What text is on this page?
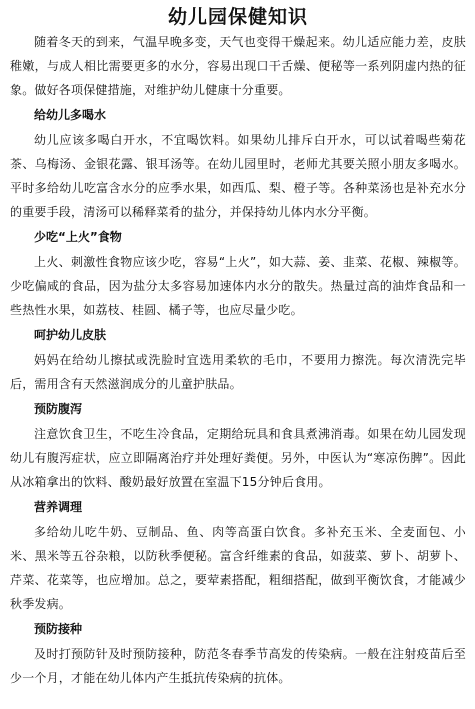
幼儿园保健知识

随着冬天的到来，气温早晚多变，天气也变得干燥起来。幼儿适应能力差，皮肤稚嫩，与成人相比需要更多的水分，容易出现口干舌燥、便秘等一系列阴虚内热的征象。做好各项保健措施，对维护幼儿健康十分重要。

给幼儿多喝水

幼儿应该多喝白开水，不宜喝饮料。如果幼儿排斥白开水，可以试着喝些菊花茶、乌梅汤、金银花露、银耳汤等。在幼儿园里时，老师尤其要关照小朋友多喝水。平时多给幼儿吃富含水分的应季水果，如西瓜、梨、橙子等。各种菜汤也是补充水分的重要手段，清汤可以稀释菜肴的盐分，并保持幼儿体内水分平衡。

少吃“上火”食物

上火、刺激性食物应该少吃，容易“上火”，如大蒜、姜、韭菜、花椒、辣椒等。少吃偏咸的食品，因为盐分太多容易加速体内水分的散失。热量过高的油炸食品和一些热性水果，如荔枝、桂圆、橘子等，也应尽量少吃。

呵护幼儿皮肤

妈妈在给幼儿擦拭或洗脸时宜选用柔软的毛巾，不要用力擦洗。每次清洗完毕后，需用含有天然滋润成分的儿童护肤品。

预防腹泻

注意饮食卫生，不吃生冷食品，定期给玩具和食具煮沸消毒。如果在幼儿园发现幼儿有腹泻症状，应立即隔离治疗并处理好粪便。另外，中医认为“寒凉伤脾”。因此从冰箱拿出的饮料、酸奶最好放置在室温下15分钟后食用。

营养调理

多给幼儿吃牛奶、豆制品、鱼、肉等高蛋白饮食。多补充玉米、全麦面包、小米、黑米等五谷杂粮，以防秋季便秘。富含纤维素的食品，如菠菜、萝卜、胡萝卜、芹菜、花菜等，也应增加。总之，要荤素搭配，粗细搭配，做到平衡饮食，才能减少秋季发病。

预防接种

及时打预防针及时预防接种，防范冬春季节高发的传染病。一般在注射疫苗后至少一个月，才能在幼儿体内产生抵抗传染病的抗体。
